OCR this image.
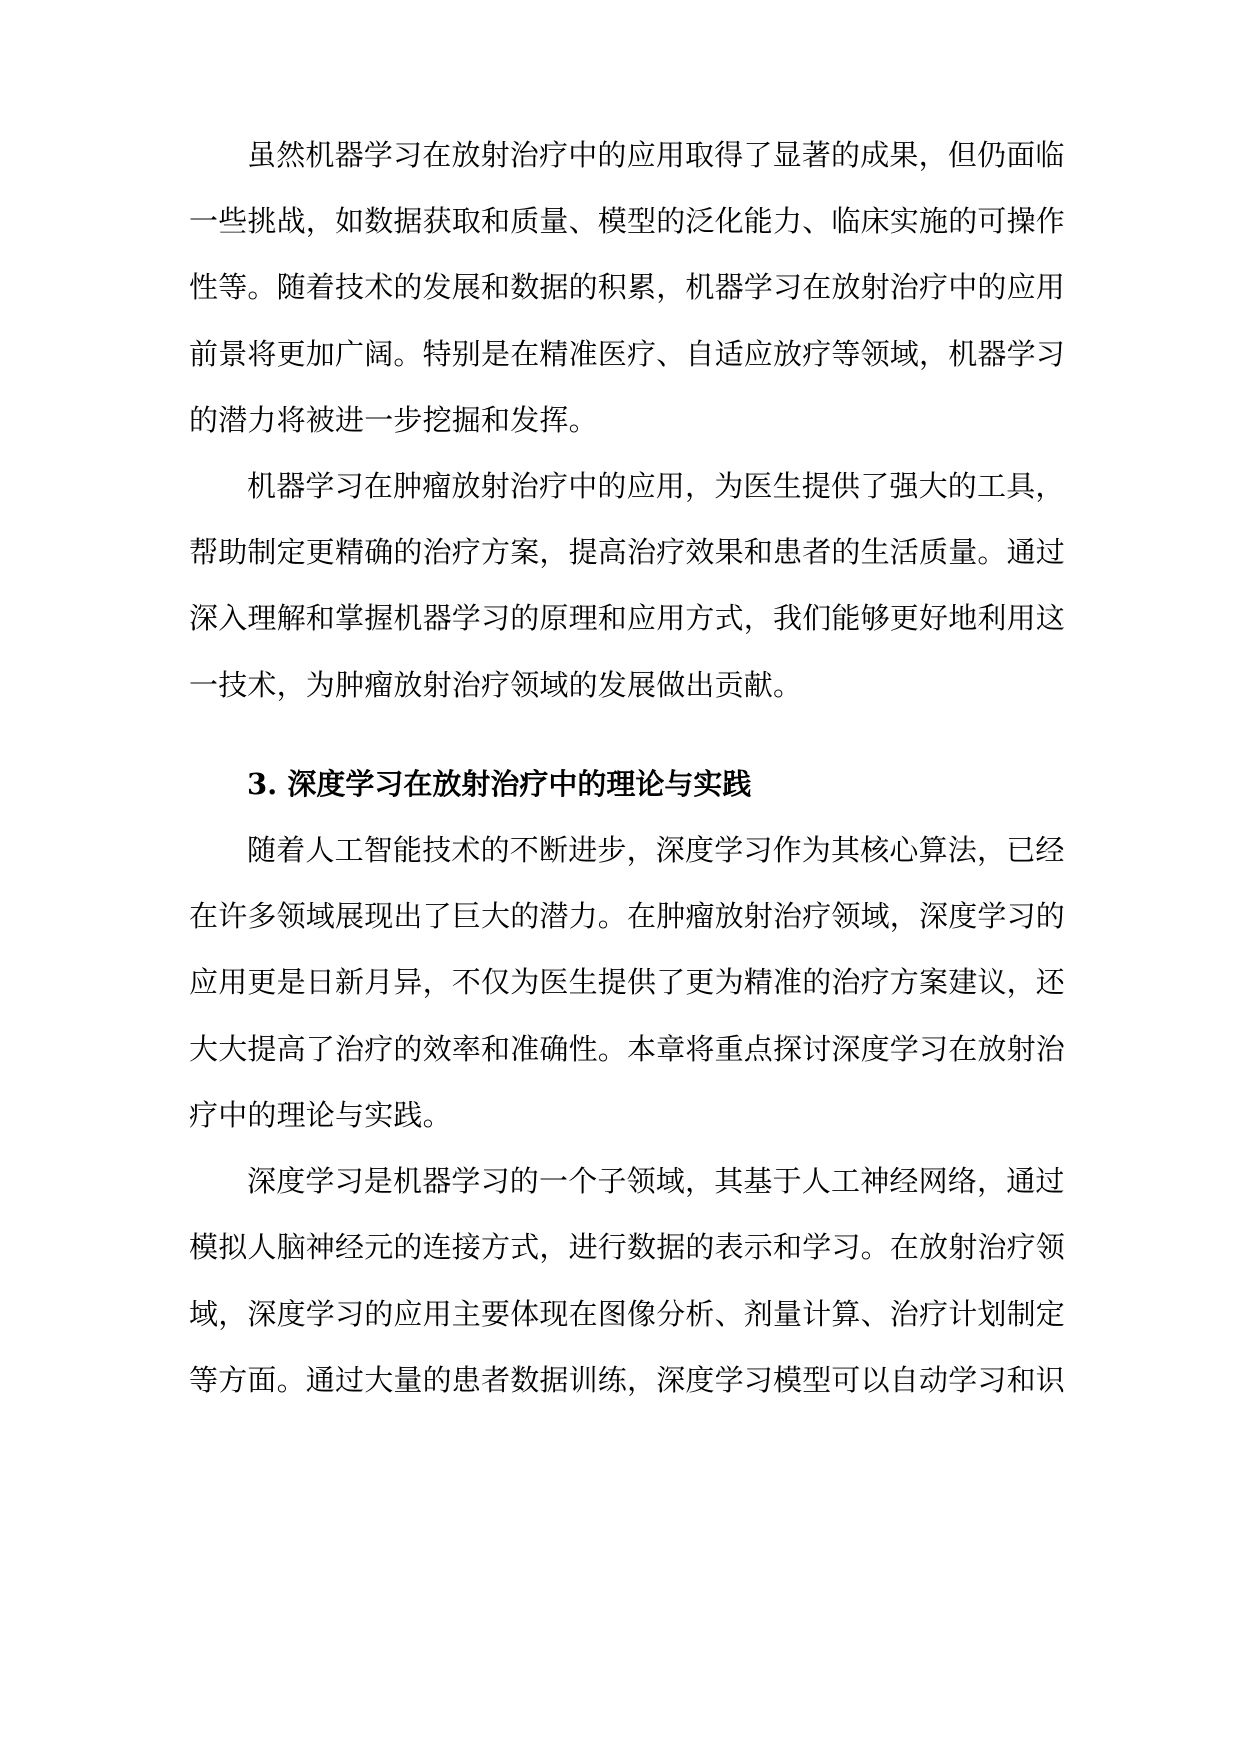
虽然机器学习在放射治疗中的应用取得了显著的成果，但仍面临
一些挑战，如数据获取和质量、模型的泛化能力、临床实施的可操作
性等。随着技术的发展和数据的积累，机器学习在放射治疗中的应用
前景将更加广阔。特别是在精准医疗、自适应放疗等领域，机器学习
的潜力将被进一步挖掘和发挥。
机器学习在肿瘤放射治疗中的应用，为医生提供了强大的工具，
帮助制定更精确的治疗方案，提高治疗效果和患者的生活质量。通过
深入理解和掌握机器学习的原理和应用方式，我们能够更好地利用这
一技术，为肿瘤放射治疗领域的发展做出贡献。
3. 深度学习在放射治疗中的理论与实践
随着人工智能技术的不断进步，深度学习作为其核心算法，已经
在许多领域展现出了巨大的潜力。在肿瘤放射治疗领域，深度学习的
应用更是日新月异，不仅为医生提供了更为精准的治疗方案建议，还
大大提高了治疗的效率和准确性。本章将重点探讨深度学习在放射治
疗中的理论与实践。
深度学习是机器学习的一个子领域，其基于人工神经网络，通过
模拟人脑神经元的连接方式，进行数据的表示和学习。在放射治疗领
域，深度学习的应用主要体现在图像分析、剂量计算、治疗计划制定
等方面。通过大量的患者数据训练，深度学习模型可以自动学习和识
